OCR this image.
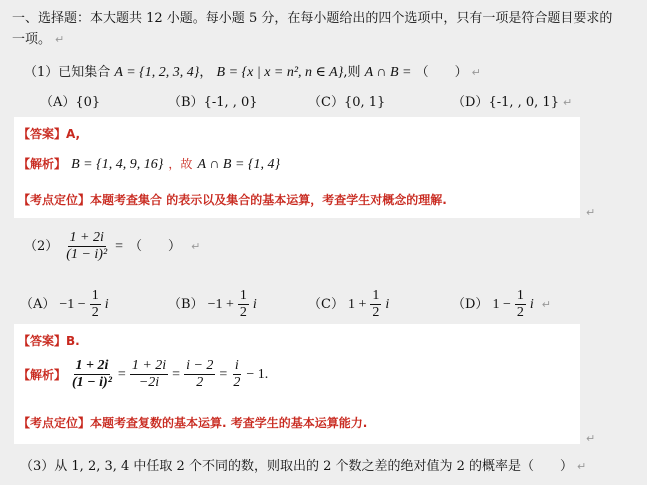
一、选择题：本大题共 12 小题。每小题 5 分，在每小题给出的四个选项中，只有一项是符合题目要求的
一项。 ↵
（1）已知集合 A = {1, 2, 3, 4}， B = {x | x = n², n ∈ A},则 A ∩ B = （　　） ↵
（A）{0}	（B）{-1, , 0}	（C）{0, 1}	（D）{-1, , 0, 1} ↵
【答案】A,
【解析】 B = {1, 4, 9, 16} ，故 A ∩ B = {1, 4}
【考点定位】本题考查集合 的表示以及集合的基本运算，考查学生对概念的理解.
↵
$(2) \frac{1 + 2i}{\text{(1 − i)²}}$ = （　　） ↵
$(A) -1 - \frac{1}{2}$ i	$(B) -1 + \frac{1}{2}$ i	（C） $1 + \frac{1}{2}$ i	（D） $1 - \frac{1}{2}$ i ↵
【答案】B.
【解析】 $\frac{1 + 2i}{\text{(1 − i)²}} = \frac{1 + 2i}{-2i} = \frac{i - 2}{2} = \frac{i}{2} - 1$.
【考点定位】本题考查复数的基本运算. 考查学生的基本运算能力.
↵
（3）从 1, 2, 3, 4 中任取 2 个不同的数，则取出的 2 个数之差的绝对值为 2 的概率是（　　） ↵
